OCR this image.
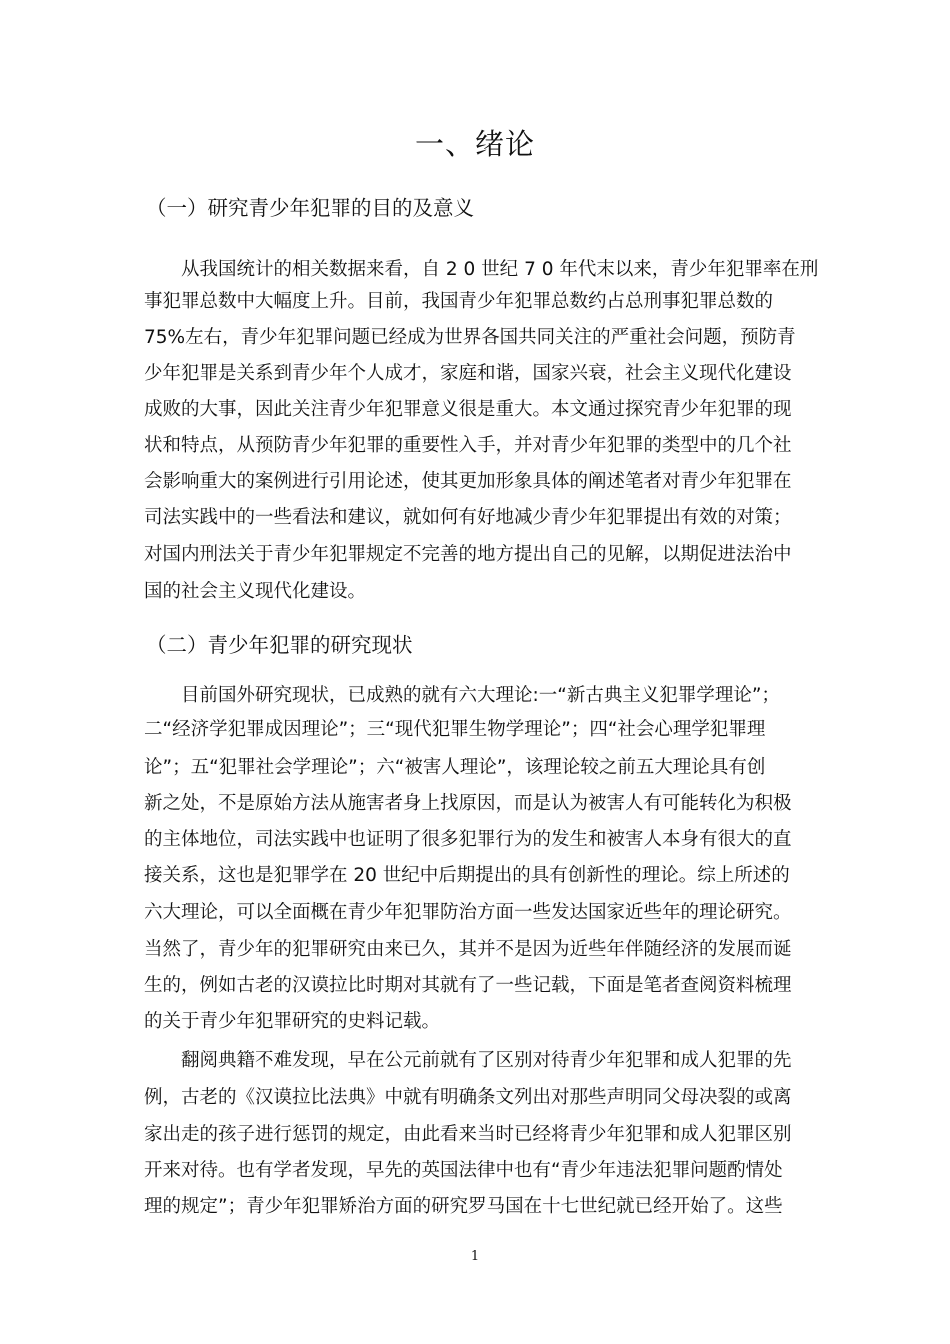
一、绪论
（一）研究青少年犯罪的目的及意义
　　从我国统计的相关数据来看，自 2 0 世纪 7 0 年代末以来，青少年犯罪率在刑
事犯罪总数中大幅度上升。目前，我国青少年犯罪总数约占总刑事犯罪总数的
75%左右，青少年犯罪问题已经成为世界各国共同关注的严重社会问题，预防青
少年犯罪是关系到青少年个人成才，家庭和谐，国家兴衰，社会主义现代化建设
成败的大事，因此关注青少年犯罪意义很是重大。本文通过探究青少年犯罪的现
状和特点，从预防青少年犯罪的重要性入手，并对青少年犯罪的类型中的几个社
会影响重大的案例进行引用论述，使其更加形象具体的阐述笔者对青少年犯罪在
司法实践中的一些看法和建议，就如何有好地减少青少年犯罪提出有效的对策；
对国内刑法关于青少年犯罪规定不完善的地方提出自己的见解，以期促进法治中
国的社会主义现代化建设。
（二）青少年犯罪的研究现状
　　目前国外研究现状，已成熟的就有六大理论:一“新古典主义犯罪学理论”；
二“经济学犯罪成因理论”；三“现代犯罪生物学理论”；四“社会心理学犯罪理
论”；五“犯罪社会学理论”；六“被害人理论”，该理论较之前五大理论具有创
新之处，不是原始方法从施害者身上找原因，而是认为被害人有可能转化为积极
的主体地位，司法实践中也证明了很多犯罪行为的发生和被害人本身有很大的直
接关系，这也是犯罪学在 20 世纪中后期提出的具有创新性的理论。综上所述的
六大理论，可以全面概在青少年犯罪防治方面一些发达国家近些年的理论研究。
当然了，青少年的犯罪研究由来已久，其并不是因为近些年伴随经济的发展而诞
生的，例如古老的汉谟拉比时期对其就有了一些记载，下面是笔者查阅资料梳理
的关于青少年犯罪研究的史料记载。
　　翻阅典籍不难发现，早在公元前就有了区别对待青少年犯罪和成人犯罪的先
例，古老的《汉谟拉比法典》中就有明确条文列出对那些声明同父母决裂的或离
家出走的孩子进行惩罚的规定，由此看来当时已经将青少年犯罪和成人犯罪区别
开来对待。也有学者发现，早先的英国法律中也有“青少年违法犯罪问题酌情处
理的规定”；青少年犯罪矫治方面的研究罗马国在十七世纪就已经开始了。这些
1
